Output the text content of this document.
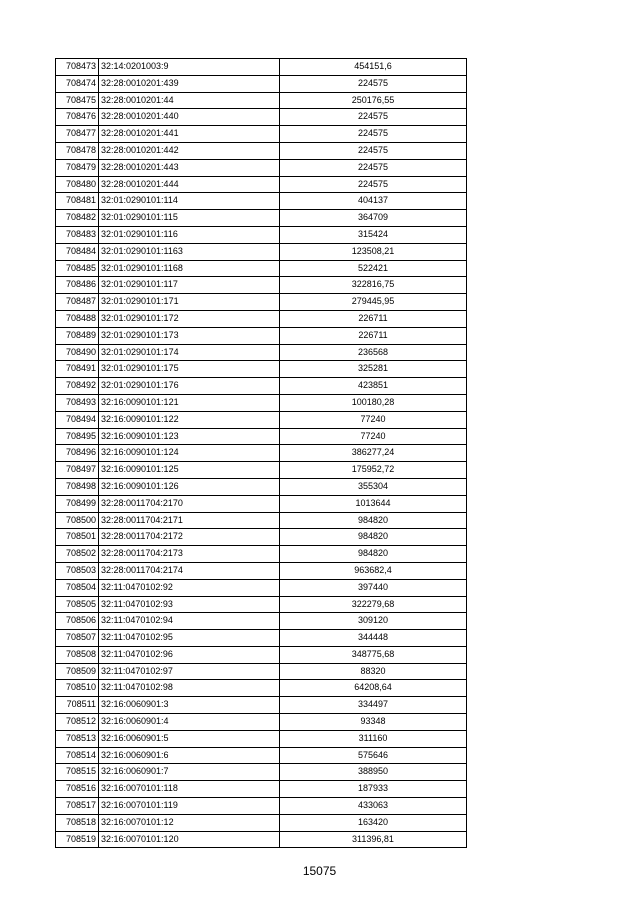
708473	32:14:0201003:9	454151,6
708474	32:28:0010201:439	224575
708475	32:28:0010201:44	250176,55
708476	32:28:0010201:440	224575
708477	32:28:0010201:441	224575
708478	32:28:0010201:442	224575
708479	32:28:0010201:443	224575
708480	32:28:0010201:444	224575
708481	32:01:0290101:114	404137
708482	32:01:0290101:115	364709
708483	32:01:0290101:116	315424
708484	32:01:0290101:1163	123508,21
708485	32:01:0290101:1168	522421
708486	32:01:0290101:117	322816,75
708487	32:01:0290101:171	279445,95
708488	32:01:0290101:172	226711
708489	32:01:0290101:173	226711
708490	32:01:0290101:174	236568
708491	32:01:0290101:175	325281
708492	32:01:0290101:176	423851
708493	32:16:0090101:121	100180,28
708494	32:16:0090101:122	77240
708495	32:16:0090101:123	77240
708496	32:16:0090101:124	386277,24
708497	32:16:0090101:125	175952,72
708498	32:16:0090101:126	355304
708499	32:28:0011704:2170	1013644
708500	32:28:0011704:2171	984820
708501	32:28:0011704:2172	984820
708502	32:28:0011704:2173	984820
708503	32:28:0011704:2174	963682,4
708504	32:11:0470102:92	397440
708505	32:11:0470102:93	322279,68
708506	32:11:0470102:94	309120
708507	32:11:0470102:95	344448
708508	32:11:0470102:96	348775,68
708509	32:11:0470102:97	88320
708510	32:11:0470102:98	64208,64
708511	32:16:0060901:3	334497
708512	32:16:0060901:4	93348
708513	32:16:0060901:5	311160
708514	32:16:0060901:6	575646
708515	32:16:0060901:7	388950
708516	32:16:0070101:118	187933
708517	32:16:0070101:119	433063
708518	32:16:0070101:12	163420
708519	32:16:0070101:120	311396,81
15075
